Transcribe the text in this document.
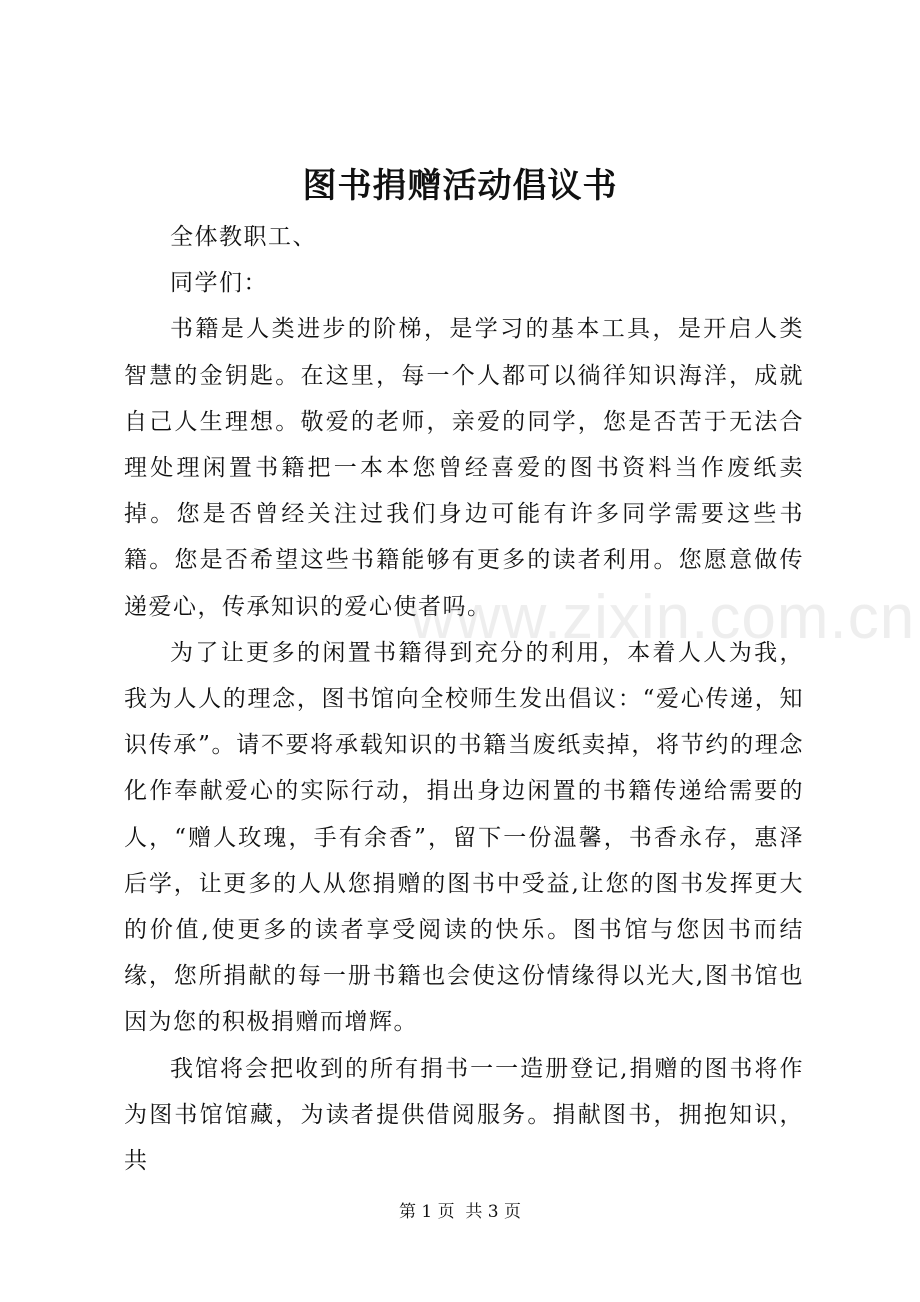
图书捐赠活动倡议书

全体教职工、

同学们：

书籍是人类进步的阶梯，是学习的基本工具，是开启人类智慧的金钥匙。在这里，每一个人都可以徜徉知识海洋，成就自己人生理想。敬爱的老师，亲爱的同学，您是否苦于无法合理处理闲置书籍把一本本您曾经喜爱的图书资料当作废纸卖掉。您是否曾经关注过我们身边可能有许多同学需要这些书籍。您是否希望这些书籍能够有更多的读者利用。您愿意做传递爱心，传承知识的爱心使者吗。

为了让更多的闲置书籍得到充分的利用，本着人人为我，我为人人的理念，图书馆向全校师生发出倡议：“爱心传递，知识传承”。请不要将承载知识的书籍当废纸卖掉，将节约的理念化作奉献爱心的实际行动，捐出身边闲置的书籍传递给需要的人，“赠人玫瑰，手有余香”，留下一份温馨，书香永存，惠泽后学，让更多的人从您捐赠的图书中受益,让您的图书发挥更大的价值,使更多的读者享受阅读的快乐。图书馆与您因书而结缘，您所捐献的每一册书籍也会使这份情缘得以光大,图书馆也因为您的积极捐赠而增辉。

我馆将会把收到的所有捐书一一造册登记,捐赠的图书将作为图书馆馆藏，为读者提供借阅服务。捐献图书，拥抱知识，共

www.zixin.com.cn
第 1 页  共 3 页
